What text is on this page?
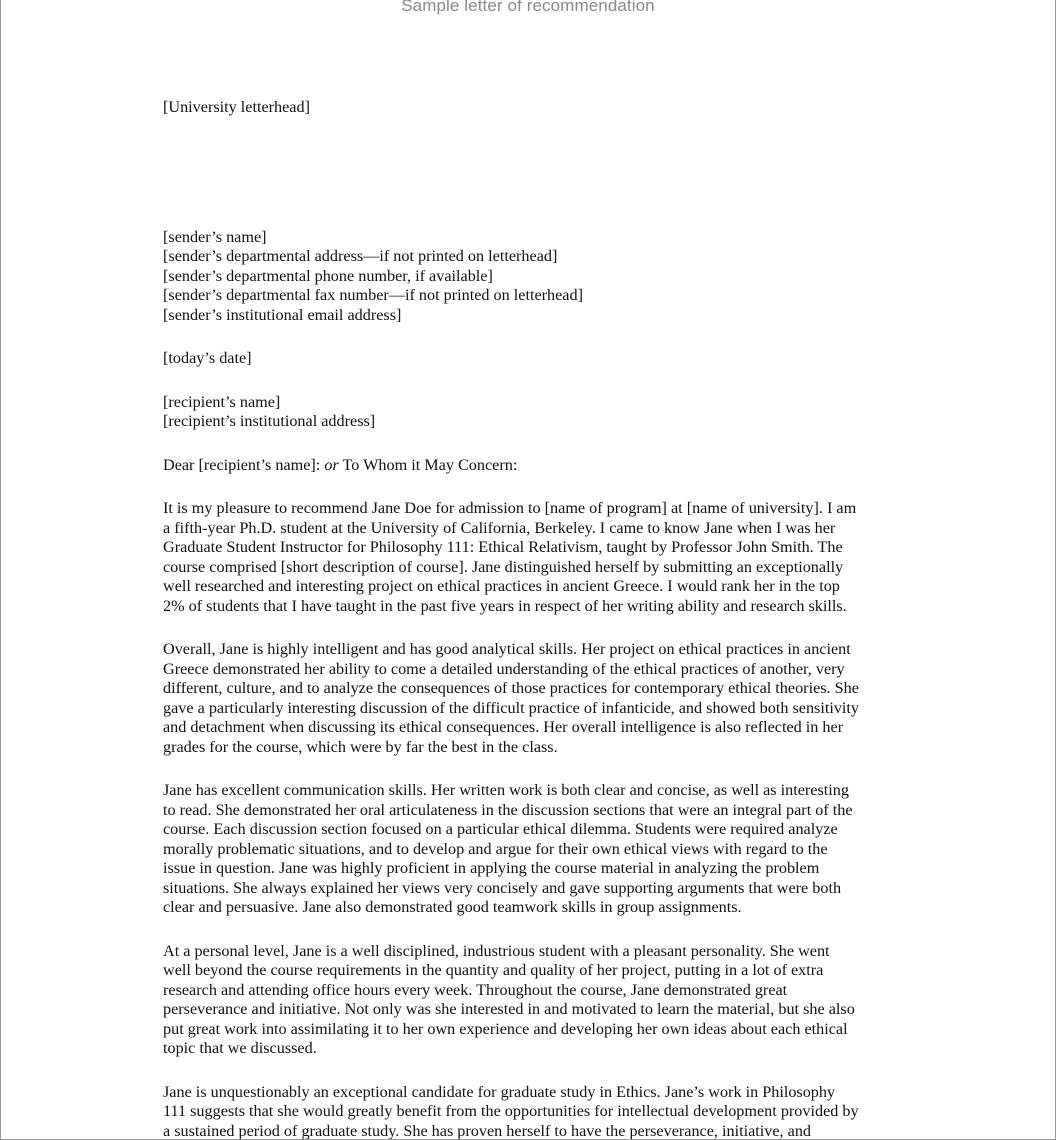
Sample letter of recommendation
[University letterhead]
[sender’s name]
[sender’s departmental address—if not printed on letterhead]
[sender’s departmental phone number, if available]
[sender’s departmental fax number—if not printed on letterhead]
[sender’s institutional email address]
[today’s date]
[recipient’s name]
[recipient’s institutional address]
Dear [recipient’s name]: or To Whom it May Concern:

It is my pleasure to recommend Jane Doe for admission to [name of program] at [name of university]. I am
a fifth-year Ph.D. student at the University of California, Berkeley. I came to know Jane when I was her
Graduate Student Instructor for Philosophy 111: Ethical Relativism, taught by Professor John Smith. The
course comprised [short description of course]. Jane distinguished herself by submitting an exceptionally
well researched and interesting project on ethical practices in ancient Greece. I would rank her in the top
2% of students that I have taught in the past five years in respect of her writing ability and research skills.

Overall, Jane is highly intelligent and has good analytical skills. Her project on ethical practices in ancient
Greece demonstrated her ability to come a detailed understanding of the ethical practices of another, very
different, culture, and to analyze the consequences of those practices for contemporary ethical theories. She
gave a particularly interesting discussion of the difficult practice of infanticide, and showed both sensitivity
and detachment when discussing its ethical consequences. Her overall intelligence is also reflected in her
grades for the course, which were by far the best in the class.

Jane has excellent communication skills. Her written work is both clear and concise, as well as interesting
to read. She demonstrated her oral articulateness in the discussion sections that were an integral part of the
course. Each discussion section focused on a particular ethical dilemma. Students were required analyze
morally problematic situations, and to develop and argue for their own ethical views with regard to the
issue in question. Jane was highly proficient in applying the course material in analyzing the problem
situations. She always explained her views very concisely and gave supporting arguments that were both
clear and persuasive. Jane also demonstrated good teamwork skills in group assignments.

At a personal level, Jane is a well disciplined, industrious student with a pleasant personality. She went
well beyond the course requirements in the quantity and quality of her project, putting in a lot of extra
research and attending office hours every week. Throughout the course, Jane demonstrated great
perseverance and initiative. Not only was she interested in and motivated to learn the material, but she also
put great work into assimilating it to her own experience and developing her own ideas about each ethical
topic that we discussed.

Jane is unquestionably an exceptional candidate for graduate study in Ethics. Jane’s work in Philosophy
111 suggests that she would greatly benefit from the opportunities for intellectual development provided by
a sustained period of graduate study. She has proven herself to have the perseverance, initiative, and
